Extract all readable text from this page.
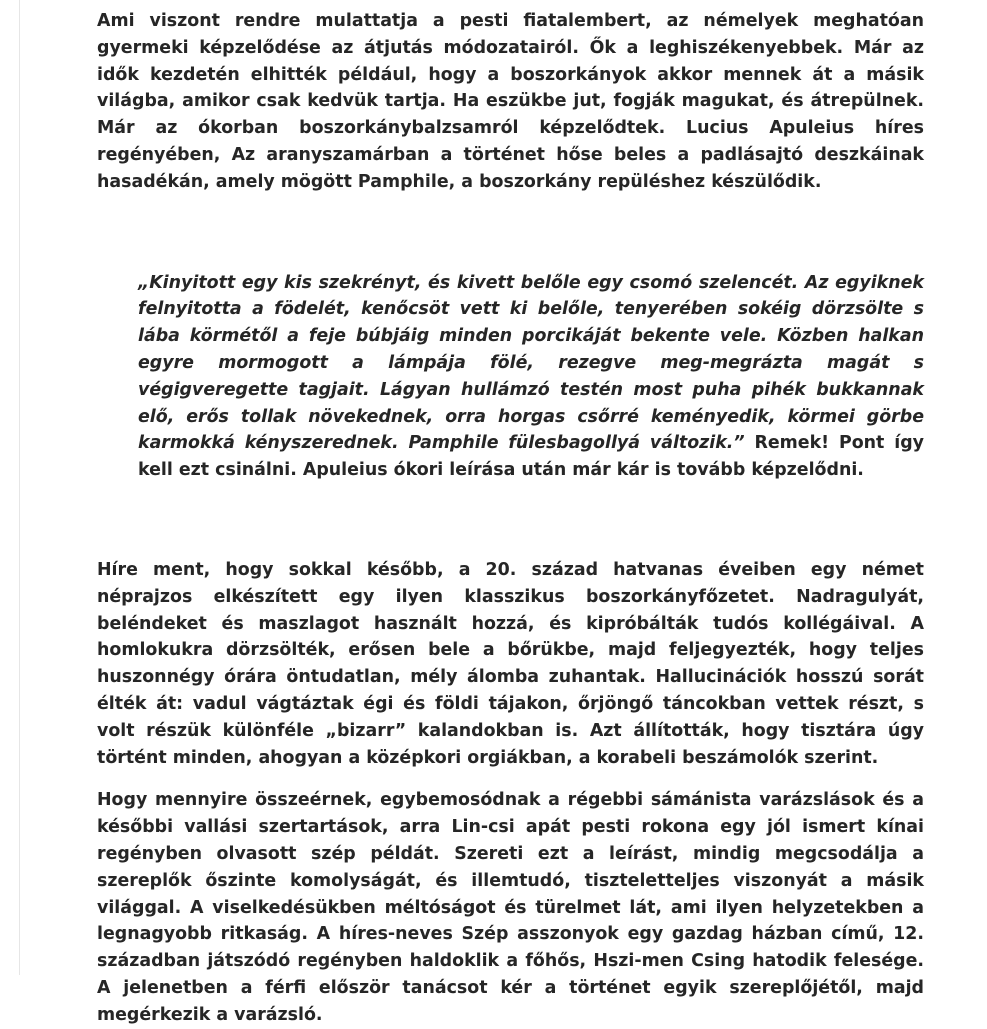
Ami viszont rendre mulattatja a pesti fiatalembert, az némelyek meghatóan gyermeki képzelődése az átjutás módozatairól. Ők a leghiszékenyebbek. Már az idők kezdetén elhitték például, hogy a boszorkányok akkor mennek át a másik világba, amikor csak kedvük tartja. Ha eszükbe jut, fogják magukat, és átrepülnek. Már az ókorban boszorkánybalzsamról képzelődtek. Lucius Apuleius híres regényében, Az aranyszamárban a történet hőse beles a padlásajtó deszkáinak hasadékán, amely mögött Pamphile, a boszorkány repüléshez készülődik.

„Kinyitott egy kis szekrényt, és kivett belőle egy csomó szelencét. Az egyiknek felnyitotta a födelét, kenőcsöt vett ki belőle, tenyerében sokéig dörzsölte s lába körmétől a feje búbjáig minden porcikáját bekente vele. Közben halkan egyre mormogott a lámpája fölé, rezegve meg-megrázta magát s végigveregette tagjait. Lágyan hullámzó testén most puha pihék bukkannak elő, erős tollak növekednek, orra horgas csőrré keményedik, körmei görbe karmokká kényszerednek. Pamphile fülesbagollyá változik.” Remek! Pont így kell ezt csinálni. Apuleius ókori leírása után már kár is tovább képzelődni.

Híre ment, hogy sokkal később, a 20. század hatvanas éveiben egy német néprajzos elkészített egy ilyen klasszikus boszorkányfőzetet. Nadragulyát, beléndeket és maszlagot használt hozzá, és kipróbálták tudós kollégáival. A homlokukra dörzsölték, erősen bele a bőrükbe, majd feljegyezték, hogy teljes huszonnégy órára öntudatlan, mély álomba zuhantak. Hallucinációk hosszú sorát élték át: vadul vágtáztak égi és földi tájakon, őrjöngő táncokban vettek részt, s volt részük különféle „bizarr” kalandokban is. Azt állították, hogy tisztára úgy történt minden, ahogyan a középkori orgiákban, a korabeli beszámolók szerint.

Hogy mennyire összeérnek, egybemosódnak a régebbi sámánista varázslások és a későbbi vallási szertartások, arra Lin-csi apát pesti rokona egy jól ismert kínai regényben olvasott szép példát. Szereti ezt a leírást, mindig megcsodálja a szereplők őszinte komolyságát, és illemtudó, tiszteletteljes viszonyát a másik világgal. A viselkedésükben méltóságot és türelmet lát, ami ilyen helyzetekben a legnagyobb ritkaság. A híres-neves Szép asszonyok egy gazdag házban című, 12. században játszódó regényben haldoklik a főhős, Hszi-men Csing hatodik felesége. A jelenetben a férfi először tanácsot kér a történet egyik szereplőjétől, majd megérkezik a varázsló.
